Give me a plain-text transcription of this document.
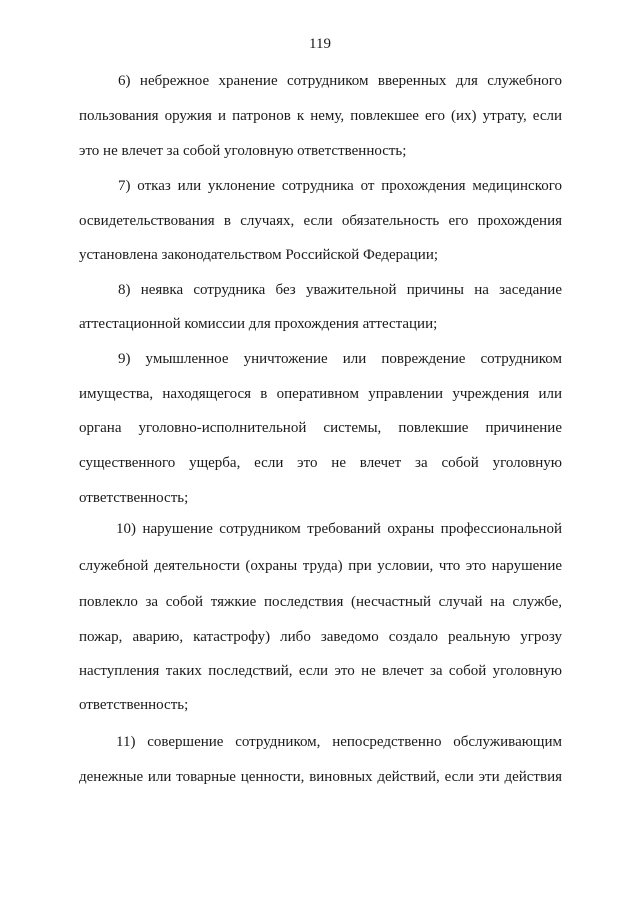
119
6) небрежное хранение сотрудником вверенных для служебного
пользования оружия и патронов к нему, повлекшее его (их) утрату, если
это не влечет за собой уголовную ответственность;
7) отказ или уклонение сотрудника от прохождения медицинского
освидетельствования в случаях, если обязательность его прохождения
установлена законодательством Российской Федерации;
8) неявка сотрудника без уважительной причины на заседание
аттестационной комиссии для прохождения аттестации;
9) умышленное уничтожение или повреждение сотрудником
имущества, находящегося в оперативном управлении учреждения или
органа уголовно-исполнительной системы, повлекшие причинение
существенного ущерба, если это не влечет за собой уголовную
ответственность;
10) нарушение сотрудником требований охраны профессиональной
служебной деятельности (охраны труда) при условии, что это нарушение
повлекло за собой тяжкие последствия (несчастный случай на службе,
пожар, аварию, катастрофу) либо заведомо создало реальную угрозу
наступления таких последствий, если это не влечет за собой уголовную
ответственность;
11) совершение сотрудником, непосредственно обслуживающим
денежные или товарные ценности, виновных действий, если эти действия
